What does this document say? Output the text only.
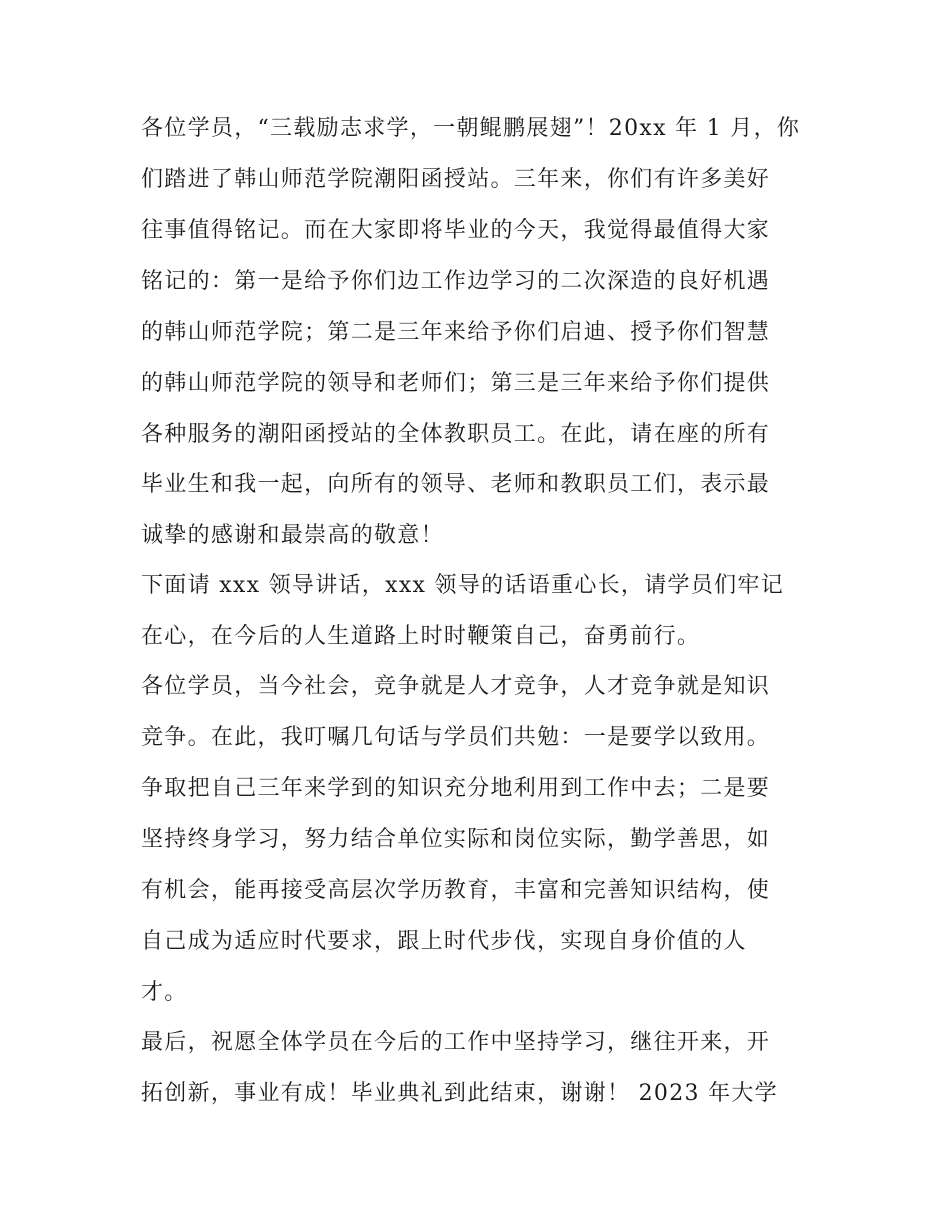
各位学员，“三载励志求学，一朝鲲鹏展翅”！20xx 年 1 月，你
们踏进了韩山师范学院潮阳函授站。三年来，你们有许多美好
往事值得铭记。而在大家即将毕业的今天，我觉得最值得大家
铭记的：第一是给予你们边工作边学习的二次深造的良好机遇
的韩山师范学院；第二是三年来给予你们启迪、授予你们智慧
的韩山师范学院的领导和老师们；第三是三年来给予你们提供
各种服务的潮阳函授站的全体教职员工。在此，请在座的所有
毕业生和我一起，向所有的领导、老师和教职员工们，表示最
诚挚的感谢和最崇高的敬意！
下面请 xxx 领导讲话，xxx 领导的话语重心长，请学员们牢记
在心，在今后的人生道路上时时鞭策自己，奋勇前行。
各位学员，当今社会，竞争就是人才竞争，人才竞争就是知识
竞争。在此，我叮嘱几句话与学员们共勉：一是要学以致用。
争取把自己三年来学到的知识充分地利用到工作中去；二是要
坚持终身学习，努力结合单位实际和岗位实际，勤学善思，如
有机会，能再接受高层次学历教育，丰富和完善知识结构，使
自己成为适应时代要求，跟上时代步伐，实现自身价值的人
才。
最后，祝愿全体学员在今后的工作中坚持学习，继往开来，开
拓创新，事业有成！毕业典礼到此结束，谢谢！ 2023 年大学
